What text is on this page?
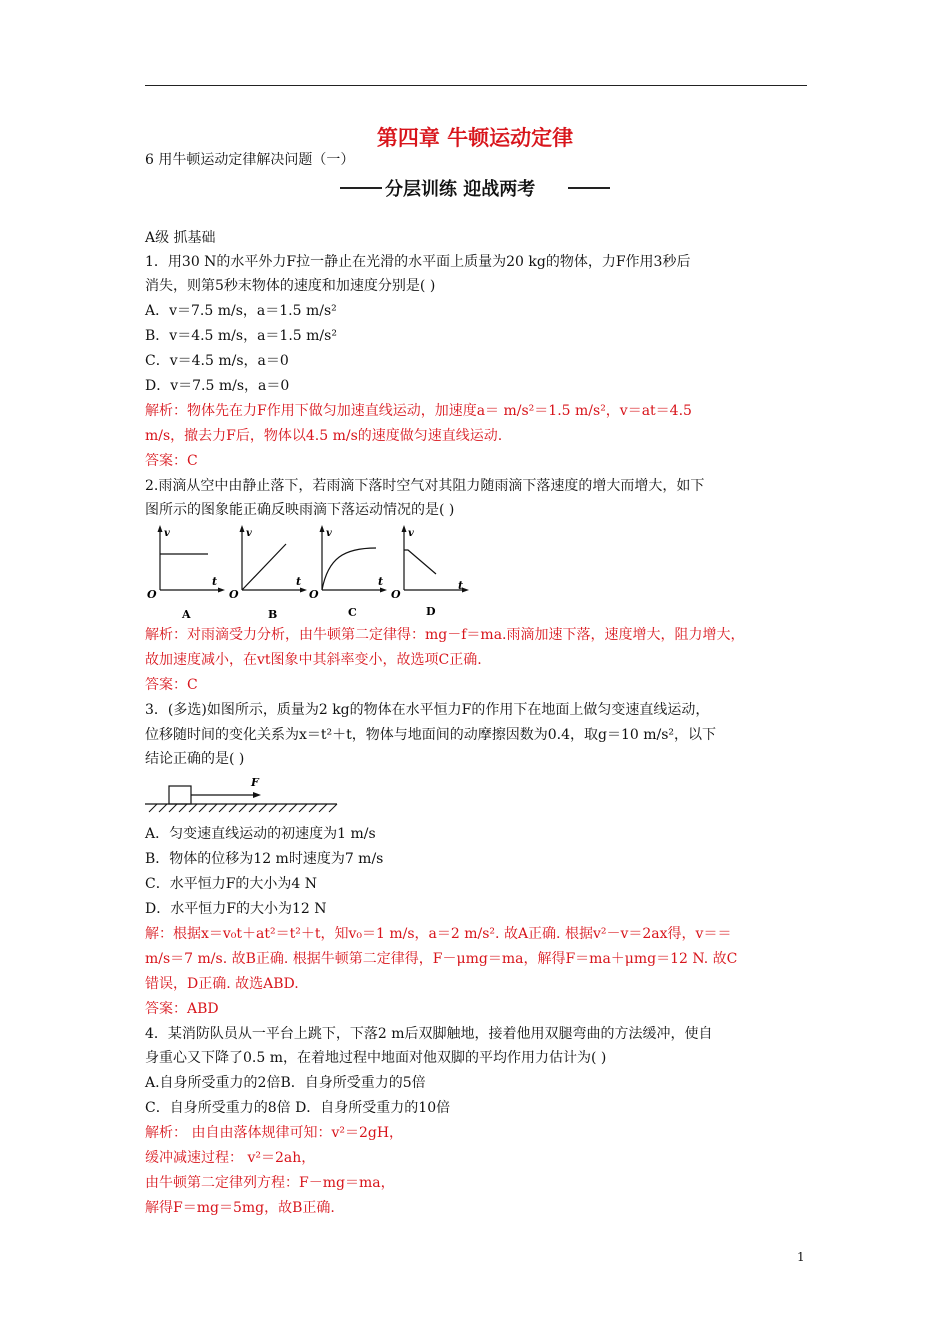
第四章 牛顿运动定律
6 用牛顿运动定律解决问题（一）
分层训练 迎战两考
A级 抓基础
1．用30 N的水平外力F拉一静止在光滑的水平面上质量为20 kg的物体，力F作用3秒后
消失，则第5秒末物体的速度和加速度分别是( )
A．v＝7.5 m/s，a＝1.5 m/s²
B．v＝4.5 m/s，a＝1.5 m/s²
C．v＝4.5 m/s，a＝0
D．v＝7.5 m/s，a＝0
解析：物体先在力F作用下做匀加速直线运动，加速度a＝ m/s²＝1.5 m/s²，v＝at＝4.5
m/s，撤去力F后，物体以4.5 m/s的速度做匀速直线运动.
答案：C
2.雨滴从空中由静止落下，若雨滴下落时空气对其阻力随雨滴下落速度的增大而增大，如下
图所示的图象能正确反映雨滴下落运动情况的是( )
v
O
t
A
v
O
t
B
v
O
t
C
v
O
t
D
解析：对雨滴受力分析，由牛顿第二定律得：mg－f＝ma.雨滴加速下落，速度增大，阻力增大，
故加速度减小，在vt图象中其斜率变小，故选项C正确.
答案：C
3．(多选)如图所示，质量为2 kg的物体在水平恒力F的作用下在地面上做匀变速直线运动，
位移随时间的变化关系为x＝t²＋t，物体与地面间的动摩擦因数为0.4，取g＝10 m/s²，以下
结论正确的是( )
F
A．匀变速直线运动的初速度为1 m/s
B．物体的位移为12 m时速度为7 m/s
C．水平恒力F的大小为4 N
D．水平恒力F的大小为12 N
解：根据x＝v₀t＋at²＝t²＋t，知v₀＝1 m/s，a＝2 m/s². 故A正确. 根据v²－v＝2ax得，v＝＝
m/s＝7 m/s. 故B正确. 根据牛顿第二定律得，F－μmg＝ma，解得F＝ma＋μmg＝12 N. 故C
错误，D正确. 故选ABD.
答案：ABD
4．某消防队员从一平台上跳下，下落2 m后双脚触地，接着他用双腿弯曲的方法缓冲，使自
身重心又下降了0.5 m，在着地过程中地面对他双脚的平均作用力估计为( )
A.自身所受重力的2倍B．自身所受重力的5倍
C．自身所受重力的8倍 D．自身所受重力的10倍
解析： 由自由落体规律可知：v²＝2gH，
缓冲减速过程： v²＝2ah，
由牛顿第二定律列方程：F－mg＝ma，
解得F＝mg＝5mg，故B正确.
1
